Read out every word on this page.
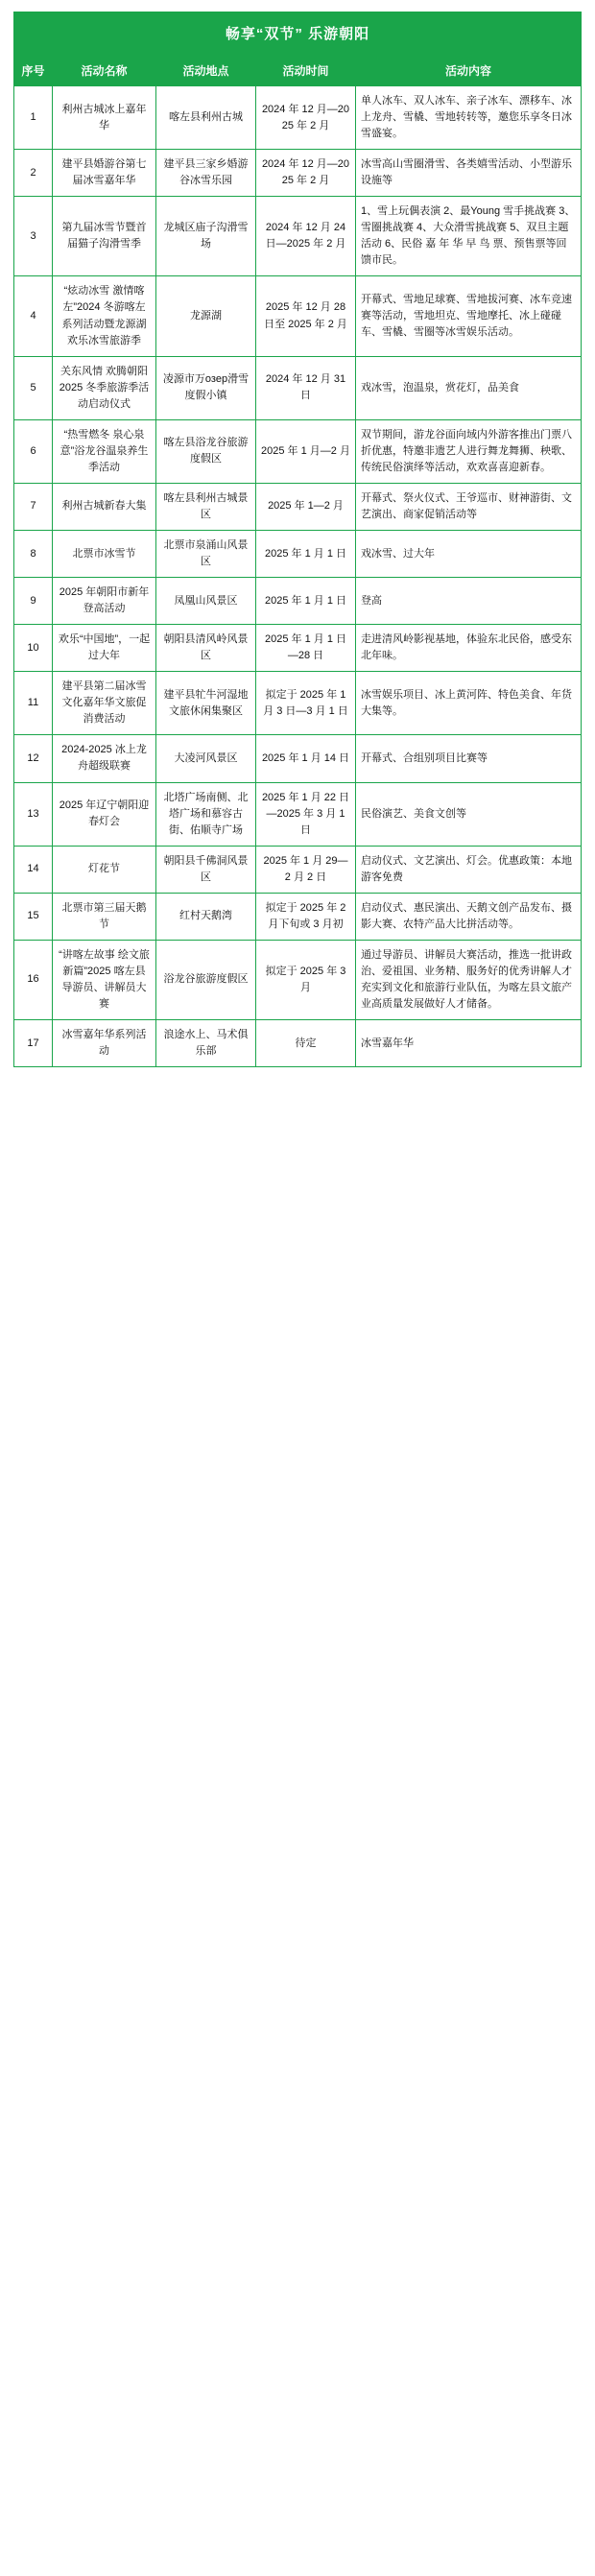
畅享“双节” 乐游朝阳
序号	活动名称	活动地点	活动时间	活动内容
1	利州古城冰上嘉年华	喀左县利州古城	2024 年 12 月—2025 年 2 月	单人冰车、双人冰车、亲子冰车、漂移车、冰上龙舟、雪橇、雪地转转等，邀您乐享冬日冰雪盛宴。
2	建平县婚游谷第七届冰雪嘉年华	建平县三家乡婚游谷冰雪乐园	2024 年 12 月—2025 年 2 月	冰雪高山雪圈滑雪、各类嬉雪活动、小型游乐设施等
3	第九届冰雪节暨首届猫子沟滑雪季	龙城区庙子沟滑雪场	2024 年 12 月 24 日—2025 年 2 月	1、雪上玩偶表演 2、最Young 雪手挑战赛 3、雪圈挑战赛 4、大众滑雪挑战赛 5、双旦主题活动 6、民俗 嘉 年 华 早 鸟 票、预售票等回馈市民。
4	“炫动冰雪 激情喀左”2024 冬游喀左系列活动暨龙源湖欢乐冰雪旅游季	龙源湖	2025 年 12 月 28 日至 2025 年 2 月	开幕式、雪地足球赛、雪地拔河赛、冰车竞速赛等活动，雪地坦克、雪地摩托、冰上碰碰车、雪橇、雪圈等冰雪娱乐活动。
5	关东风情 欢腾朝阳 2025 冬季旅游季活动启动仪式	凌源市万озер滑雪度假小镇	2024 年 12 月 31 日	戏冰雪，泡温泉，赏花灯，品美食
6	“热雪燃冬 泉心泉意”浴龙谷温泉养生季活动	喀左县浴龙谷旅游度假区	2025 年 1 月—2 月	双节期间，游龙谷面向域内外游客推出门票八折优惠，特邀非遗艺人进行舞龙舞狮、秧歌、传统民俗演绎等活动，欢欢喜喜迎新春。
7	利州古城新春大集	喀左县利州古城景区	2025 年 1—2 月	开幕式、祭火仪式、王爷巡市、财神游街、文艺演出、商家促销活动等
8	北票市冰雪节	北票市泉涌山风景区	2025 年 1 月 1 日	戏冰雪、过大年
9	2025 年朝阳市新年登高活动	凤凰山风景区	2025 年 1 月 1 日	登高
10	欢乐“中国地”，一起过大年	朝阳县清风岭风景区	2025 年 1 月 1 日—28 日	走进清风岭影视基地，体验东北民俗，感受东北年味。
11	建平县第二届冰雪文化嘉年华文旅促消费活动	建平县牤牛河湿地文旅休闲集聚区	拟定于 2025 年 1 月 3 日—3 月 1 日	冰雪娱乐项目、冰上黄河阵、特色美食、年货大集等。
12	2024-2025 冰上龙舟超级联赛	大凌河风景区	2025 年 1 月 14 日	开幕式、合组别项目比赛等
13	2025 年辽宁朝阳迎春灯会	北塔广场南侧、北塔广场和慕容古街、佑顺寺广场	2025 年 1 月 22 日—2025 年 3 月 1 日	民俗演艺、美食文创等
14	灯花节	朝阳县千佛洞风景区	2025 年 1 月 29—2 月 2 日	启动仪式、文艺演出、灯会。优惠政策：本地游客免费
15	北票市第三届天鹅节	红村天鹅湾	拟定于 2025 年 2 月下旬或 3 月初	启动仪式、惠民演出、天鹅文创产品发布、摄影大赛、农特产品大比拼活动等。
16	“讲喀左故事 绘文旅新篇”2025 喀左县导游员、讲解员大赛	浴龙谷旅游度假区	拟定于 2025 年 3 月	通过导游员、讲解员大赛活动，推选一批讲政治、爱祖国、业务精、服务好的优秀讲解人才充实到文化和旅游行业队伍，为喀左县文旅产业高质量发展做好人才储备。
17	冰雪嘉年华系列活动	浪途水上、马术俱乐部	待定	冰雪嘉年华
